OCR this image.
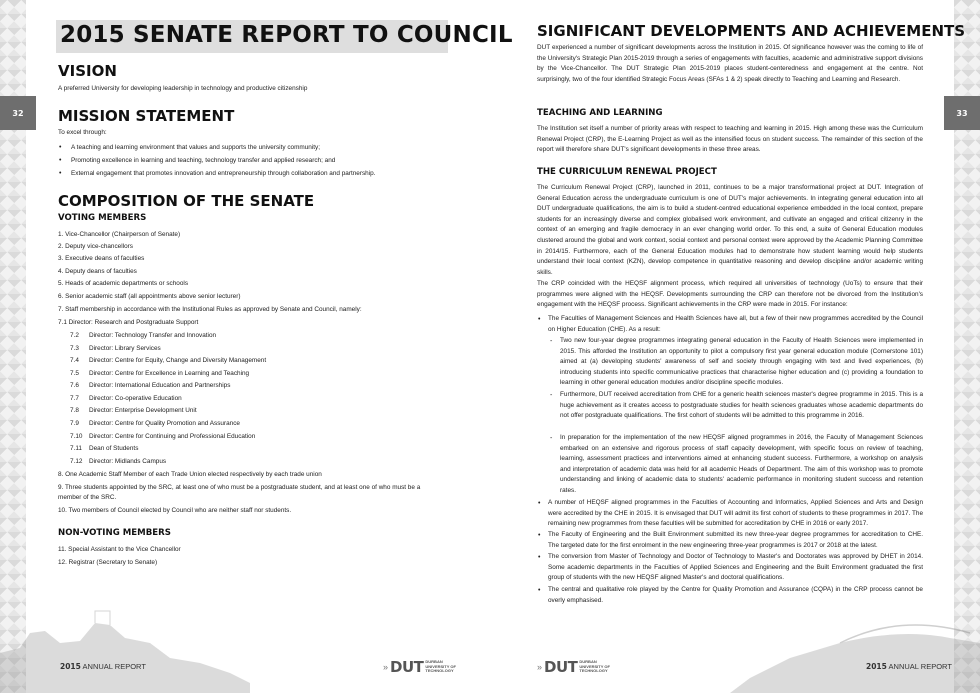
32	33
2015 SENATE REPORT TO COUNCIL
VISION
A preferred University for developing leadership in technology and productive citizenship
MISSION STATEMENT
To excel through:
• A teaching and learning environment that values and supports the university community;
• Promoting excellence in learning and teaching, technology transfer and applied research; and
• External engagement that promotes innovation and entrepreneurship through collaboration and partnership.
COMPOSITION OF THE SENATE
VOTING MEMBERS
1. Vice-Chancellor (Chairperson of Senate)
2. Deputy vice-chancellors
3. Executive deans of faculties
4. Deputy deans of faculties
5. Heads of academic departments or schools
6. Senior academic staff (all appointments above senior lecturer)
7. Staff membership in accordance with the Institutional Rules as approved by Senate and Council, namely:
7.1 Director: Research and Postgraduate Support
7.2 Director: Technology Transfer and Innovation
7.3 Director: Library Services
7.4 Director: Centre for Equity, Change and Diversity Management
7.5 Director: Centre for Excellence in Learning and Teaching
7.6 Director: International Education and Partnerships
7.7 Director: Co-operative Education
7.8 Director: Enterprise Development Unit
7.9 Director: Centre for Quality Promotion and Assurance
7.10 Director: Centre for Continuing and Professional Education
7.11 Dean of Students
7.12 Director: Midlands Campus
8. One Academic Staff Member of each Trade Union elected respectively by each trade union
9. Three students appointed by the SRC, at least one of who must be a postgraduate student, and at least one of who must be a
member of the SRC.
10. Two members of Council elected by Council who are neither staff nor students.
NON-VOTING MEMBERS
11. Special Assistant to the Vice Chancellor
12. Registrar (Secretary to Senate)
SIGNIFICANT DEVELOPMENTS AND ACHIEVEMENTS
DUT experienced a number of significant developments across the Institution in 2015. Of significance however was the coming to life of the University's Strategic Plan 2015-2019 through a series of engagements with faculties, academic and administrative support divisions by the Vice-Chancellor. The DUT Strategic Plan 2015-2019 places student-centeredness and engagement at the centre. Not surprisingly, two of the four identified Strategic Focus Areas (SFAs 1 & 2) speak directly to Teaching and Learning and Research.
TEACHING AND LEARNING
The Institution set itself a number of priority areas with respect to teaching and learning in 2015. High among these was the Curriculum Renewal Project (CRP), the E-Learning Project as well as the intensified focus on student success. The remainder of this section of the report will therefore share DUT's significant developments in these three areas.
THE CURRICULUM RENEWAL PROJECT
The Curriculum Renewal Project (CRP), launched in 2011, continues to be a major transformational project at DUT. Integration of General Education across the undergraduate curriculum is one of DUT's major achievements. In integrating general education into all DUT undergraduate qualifications, the aim is to build a student-centred educational experience embedded in the local context, prepare students for an increasingly diverse and complex globalised work environment, and cultivate an engaged and critical citizenry in the context of an emerging and fragile democracy in an ever changing world order. To this end, a suite of General Education modules clustered around the global and work context, social context and personal context were approved by the Academic Planning Committee in 2014/15. Furthermore, each of the General Education modules had to demonstrate how student learning would help students understand their local context (KZN), develop competence in quantitative reasoning and develop discipline and/or academic writing skills.
The CRP coincided with the HEQSF alignment process, which required all universities of technology (UoTs) to ensure that their programmes were aligned with the HEQSF. Developments surrounding the CRP can therefore not be divorced from the Institution's engagement with the HEQSF process. Significant achievements in the CRP were made in 2015. For instance:
• The Faculties of Management Sciences and Health Sciences have all, but a few of their new programmes accredited by the Council on Higher Education (CHE). As a result:
- Two new four-year degree programmes integrating general education in the Faculty of Health Sciences were implemented in 2015. This afforded the Institution an opportunity to pilot a compulsory first year general education module (Cornerstone 101) aimed at (a) developing students' awareness of self and society through engaging with text and lived experiences, (b) introducing students into specific communicative practices that characterise higher education and (c) providing a foundation to learning in other general education modules and/or discipline specific modules.
- Furthermore, DUT received accreditation from CHE for a generic health sciences master's degree programme in 2015. This is a huge achievement as it creates access to postgraduate studies for health sciences graduates whose academic departments do not offer postgraduate qualifications. The first cohort of students will be admitted to this programme in 2016.
- In preparation for the implementation of the new HEQSF aligned programmes in 2016, the Faculty of Management Sciences embarked on an extensive and rigorous process of staff capacity development, with specific focus on review of teaching, learning, assessment practices and interventions aimed at enhancing student success. Furthermore, a workshop on analysis and interpretation of academic data was held for all academic Heads of Department. The aim of this workshop was to promote understanding and linking of academic data to students' academic performance in monitoring student success and retention rates.
• A number of HEQSF aligned programmes in the Faculties of Accounting and Informatics, Applied Sciences and Arts and Design were accredited by the CHE in 2015. It is envisaged that DUT will admit its first cohort of students to these programmes in 2017. The remaining new programmes from these faculties will be submitted for accreditation by CHE in 2016 or early 2017.
• The Faculty of Engineering and the Built Environment submitted its new three-year degree programmes for accreditation to CHE. The targeted date for the first enrolment in the new engineering three-year programmes is 2017 or 2018 at the latest.
• The conversion from Master of Technology and Doctor of Technology to Master's and Doctorates was approved by DHET in 2014. Some academic departments in the Faculties of Applied Sciences and Engineering and the Built Environment graduated the first group of students with the new HEQSF aligned Master's and doctoral qualifications.
• The central and qualitative role played by the Centre for Quality Promotion and Assurance (CQPA) in the CRP process cannot be overly emphasised.
2015 ANNUAL REPORT	2015 ANNUAL REPORT
» DUT DURBAN
UNIVERSITY OF
TECHNOLOGY	» DUT DURBAN
UNIVERSITY OF
TECHNOLOGY
